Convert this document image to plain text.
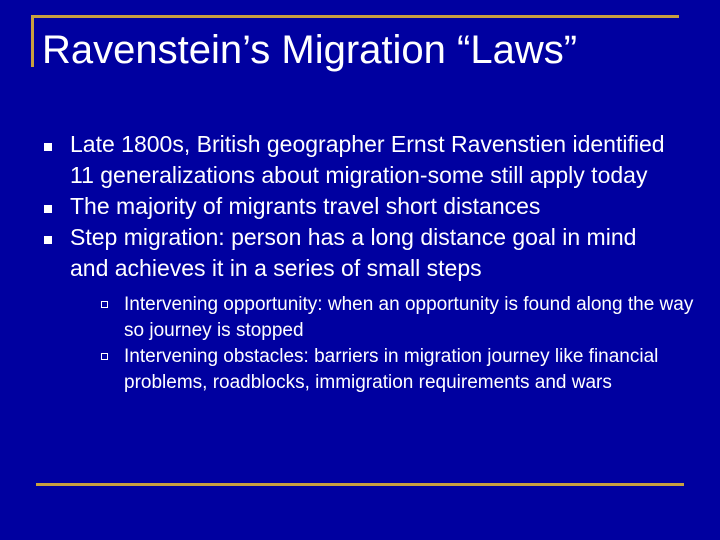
Ravenstein’s Migration “Laws”
Late 1800s, British geographer Ernst Ravenstien identified 11 generalizations about migration-some still apply today
The majority of migrants travel short distances
Step migration: person has a long distance goal in mind and achieves it in a series of small steps
Intervening opportunity: when an opportunity is found along the way so journey is stopped
Intervening obstacles: barriers in migration journey like financial problems, roadblocks, immigration requirements and wars
